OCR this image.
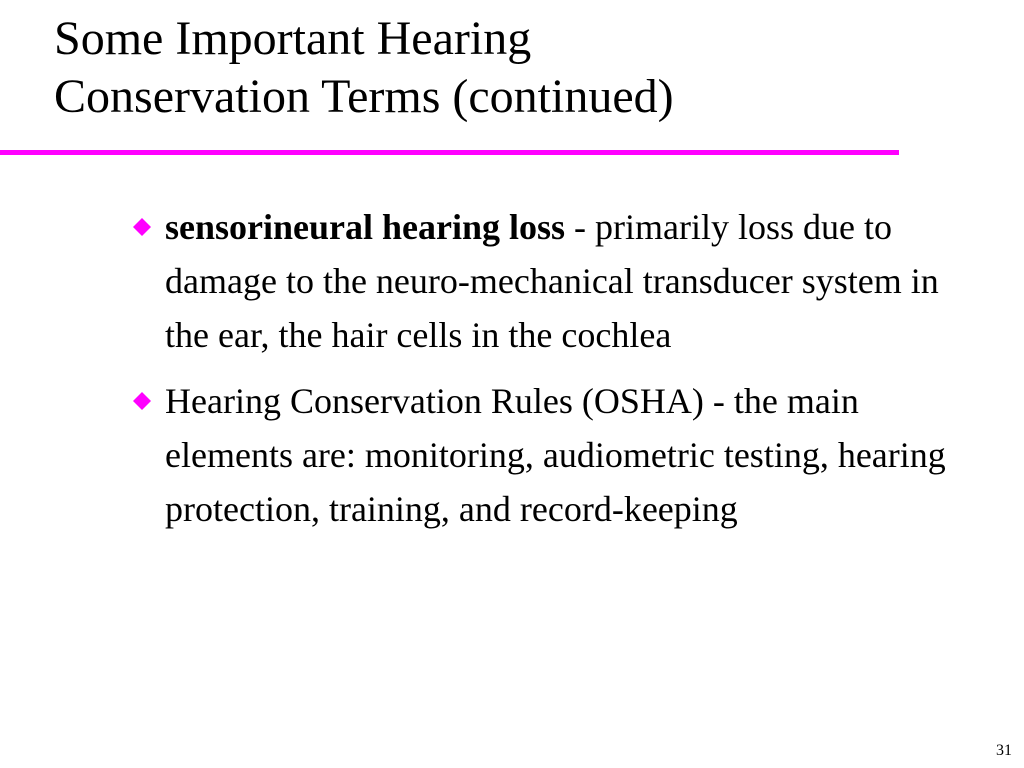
Some Important Hearing
Conservation Terms (continued)
sensorineural hearing loss - primarily loss due to damage to the neuro-mechanical transducer system in the ear, the hair cells in the cochlea
Hearing Conservation Rules (OSHA) - the main elements are: monitoring, audiometric testing, hearing protection, training, and record-keeping
31
